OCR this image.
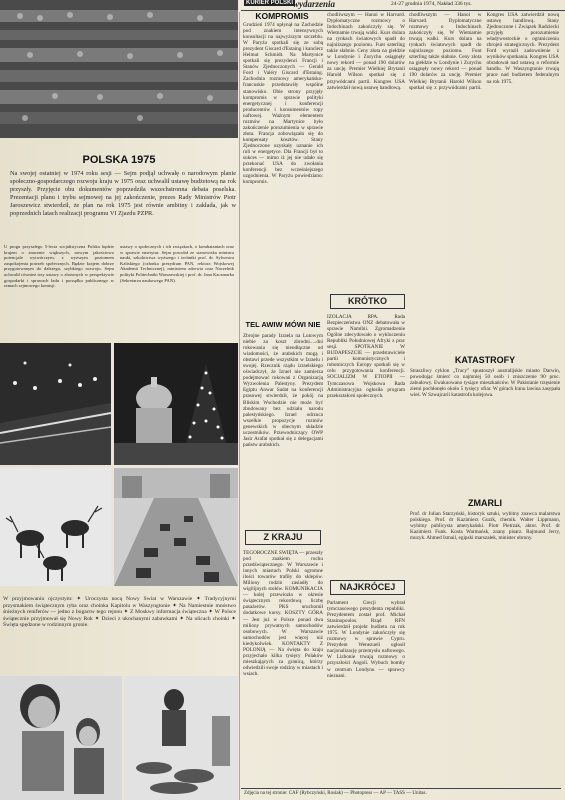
KURIER POLSKI wydarzenia	24-27 grudnia 1974, Nakład 336 tys.
POLSKA 1975
Na swojej ostatniej w 1974 roku sesji — Sejm podjął uchwałę o narodowym planie społeczno-gospodarczego rozwoju kraju w 1975 oraz uchwalił ustawę budżetową na rok przyszły. Przyjęcie obu dokumentów poprzedziła wszechstronna debata poselska. Prezentacji planu i trybu sejmowej na jej zakończenie, prezes Rady Ministrów Piotr Jaroszewicz stwierdził, że plan na rok 1975 jest równie ambitny i zakłada, jak w poprzednich latach realizacji programu VI Zjazdu PZPR.
U progu przyszłego 5-lecia socjalistyczna Polska będzie krajem o znacznie większych, nowym jakościowo potencjale wytwórczym, z wyższym poziomem zaspokojenia potrzeb społecznych. Będzie krajem dobrze przygotowanym do dalszego, szybkiego rozwoju. Sejm uchwalił również trzy ustawy o złożonych w perspektywie gospodarki i sprawach ładu i porządku publicznego w ramach sejmowego komisji.
ustawy o społecznych i ich związkach, o kombatantach oraz w sprawie emerytur. Sejm powołał ze stanowiska ministra nauki, szkolnictwa wyższego i techniki prof. dr. Sylwestra Kaliskiego (członka prezydium PAN, rektora Wojskowej Akademii Technicznej), ministrem zdrowia oraz Naczelnik polityki Politechniki Warszawskiej i prof. dr. Jana Kaczmarka (Sekretarza naukowego PAN).
W przyjmowaniu ojczystym: ✦ Uroczysta nocą Nowy Świat w Warszawie ✦ Tradycyjnymi przysmakiem świątecznym ryba oraz choinka Kapitolu w Waszyngtonie ✦ Na Namiestnie mnóstwo śnieżnych reniferów — jedno z bogactw tego rejonu ✦ Z Moskwy informacja świąteczna ✦ W Polsce świątecznie przyjmował się Nowy Rok ✦ Dzieci z ukochanymi zabawkami ✦ Na ulicach choinki ✦ Święta spędzone w rodzinnym gronie.
KOMPROMIS
Grudzień 1974 upłynął na Zachodzie pod znakiem intensywnych konsultacji na najwyższym szczeblu. W Paryżu spotkali się ze sobą prezydent Giscard d'Estaing i kanclerz Helmut Schmidt. Na Martynice spotkali się prezydenci Francji i Stanów Zjednoczonych — Gerald Ford i Valéry Giscard d'Estaing. Zachodnia rozmowy amerykańsko-francuskie przedstawiły wspólne stanowisko. Obie strony przyjęły kompromis w sprawie polityki energetycznej i konferencji producentów i konsumentów ropy naftowej. Ważnym elementem rozmów na Martynice było zakończenie porozumienia w sprawie złota. Francja zobowiązała się do kompensaty kosztów. Stany Zjednoczone uzyskały uznanie ich roli w energetyce. Dla Francji był to sukces — mimo iż jej nie udało się przekonać USA do zwołania konferencji bez wcześniejszego uzgodnienia. W Paryżu powiedziano: kompromis.
TEL AWIW MÓWI NIE
Zbrojne parady Izraela na Lutowym niebie za koszt zbrodni.....dni rokowania się nieodłączne od wiadomości, że arabskich mogą i obstawi przede wszystkim w Izraelu i swojej. Rzecznik rządu izraelskiego oświadczył, że Izrael nie zamierza podejmować rokowań z Organizacją Wyzwolenia Palestyny. Prezydent Egiptu Anwar Sadat na konferencji prasowej stwierdził, że pokój na Bliskim Wschodzie nie może być zbudowany bez udziału narodu palestyńskiego. Izrael odrzuca wszelkie propozycje rozmów genewskich w obecnym składzie uczestników. Przewodniczący OWP Jasir Arafat spotkał się z delegacjami państw arabskich.
Z KRAJU
TEGOROCZNE ŚWIĘTA — przeszły pod znakiem ruchu przedświątecznego. W Warszawie i innych miastach Polski ogromne ilości towarów trafiły do sklepów. Miliony rodzin zasiadły do wigilijnych stołów. KOMUNIKACJA — kolej przewiozła w okresie świątecznym rekordową liczbę pasażerów. PKS uruchomił dodatkowe kursy. KOSZTY GÓRA — Jest już w Polsce ponad dwa miliony prywatnych samochodów osobowych. W Warszawie samochodów jest więcej niż kiedykolwiek. KONTAKTY Z POLONIĄ — Na święta do kraju przyjechało kilka tysięcy Polaków mieszkających za granicą, którzy odwiedzili swoje rodziny w miastach i wsiach.
chodliwszym — Hanoi w Harvard. Dyplomatyczne rozmowy o Indochinach zakończyły się. W Wietnamie trwają walki. Kurs dolara na rynkach światowych spadł do najniższego poziomu. Funt szterling także słabnie. Ceny złota na giełdzie w Londynie i Zurychu osiągnęły nowy rekord — ponad 190 dolarów za uncję. Premier Wielkiej Brytanii Harold Wilson spotkał się z przywódcami partii. Kongres USA zatwierdził nową ustawę handlową.
KRÓTKO
IZOLACJA RPA. Rada Bezpieczeństwa ONZ debatowała w sprawie Namibii. Zgromadzenie Ogólne zdecydowało o wykluczeniu Republiki Południowej Afryki z prac sesji. SPOTKANIE W BUDAPESZCIE — przedstawiciele partii komunistycznych i robotniczych Europy spotkali się w celu przygotowania konferencji. SOCJALIZM W ETIOPII — Tymczasowa Wojskowa Rada Administracyjna ogłosiła program przekształceń społecznych.
NAJKRÓCEJ
Parlament Grecji wybrał tymczasowego prezydenta republiki. Prezydentem został prof. Michał Stasinopoulos. Rząd RFN zatwierdził projekt budżetu na rok 1975. W Londynie zakończyły się rozmowy w sprawie Cypru. Prezydent Wenezueli ogłosił nacjonalizację przemysłu naftowego. W Lizbonie trwają rozmowy o przyszłości Angoli. Wybuch bomby w centrum Londynu — sprawcy nieznani.
chodliwszym — Hanoi w Harvard. Dyplomatyczne rozmowy o Indochinach zakończyły się. W Wietnamie trwają walki. Kurs dolara na rynkach światowych spadł do najniższego poziomu. Funt szterling także słabnie. Ceny złota na giełdzie w Londynie i Zurychu osiągnęły nowy rekord — ponad 190 dolarów za uncję. Premier Wielkiej Brytanii Harold Wilson spotkał się z przywódcami partii. Kongres USA zatwierdził nową ustawę handlową. Stany Zjednoczone i Związek Radziecki przyjęły porozumienie władywostockie o ograniczeniu zbrojeń strategicznych. Prezydent Ford wyraził zadowolenie z wyników spotkania. Kongres USA obradował nad ustawą o reformie handlu. W Waszyngtonie trwają prace nad budżetem federalnym na rok 1975.
KATASTROFY
Straszliwy cyklon „Tracy” spustoszył australijskie miasto Darwin, powodując śmierć co najmniej 50 osób i zniszczenie 90 proc. zabudowy. Ewakuowano tysiące mieszkańców. W Pakistanie trzęsienie ziemi pochłonęło około 5 tysięcy ofiar. W górach Iranu lawina zasypała wieś. W Szwajcarii katastrofa kolejowa.
ZMARLI
Prof. dr Julian Starzyński, historyk sztuki, wybitny znawca malarstwa polskiego. Prof. dr Kazimierz Guzik, chemik. Walter Lippmann, wybitny publicysta amerykański. Piotr Pietrzak, aktor. Prof. dr Kazimierz Funk. Kosta Warmańsk, znany pisarz. Rajmund Jerry, muzyk. Ahmed Ismail, egipski marszałek, minister obrony.
Zdjęcia na tej stronie: CAF (Rybczyński, Rosiak) — Photopress — AP — TASS — Unitas.
